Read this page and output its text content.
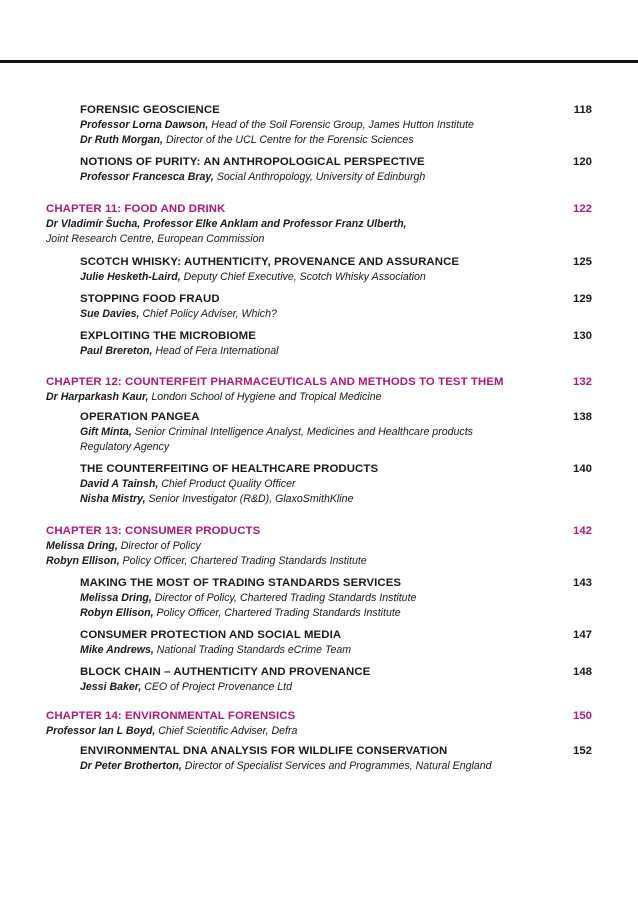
FORENSIC GEOSCIENCE	118
Professor Lorna Dawson, Head of the Soil Forensic Group, James Hutton Institute
Dr Ruth Morgan, Director of the UCL Centre for the Forensic Sciences
NOTIONS OF PURITY: AN ANTHROPOLOGICAL PERSPECTIVE	120
Professor Francesca Bray, Social Anthropology, University of Edinburgh
CHAPTER 11: FOOD AND DRINK	122
Dr Vladimír Šucha, Professor Elke Anklam and Professor Franz Ulberth,
Joint Research Centre, European Commission
SCOTCH WHISKY: AUTHENTICITY, PROVENANCE AND ASSURANCE	125
Julie Hesketh-Laird, Deputy Chief Executive, Scotch Whisky Association
STOPPING FOOD FRAUD	129
Sue Davies, Chief Policy Adviser, Which?
EXPLOITING THE MICROBIOME	130
Paul Brereton, Head of Fera International
CHAPTER 12: COUNTERFEIT PHARMACEUTICALS AND METHODS TO TEST THEM	132
Dr Harparkash Kaur, London School of Hygiene and Tropical Medicine
OPERATION PANGEA	138
Gift Minta, Senior Criminal Intelligence Analyst, Medicines and Healthcare products
Regulatory Agency
THE COUNTERFEITING OF HEALTHCARE PRODUCTS	140
David A Tainsh, Chief Product Quality Officer
Nisha Mistry, Senior Investigator (R&D), GlaxoSmithKline
CHAPTER 13: CONSUMER PRODUCTS	142
Melissa Dring, Director of Policy
Robyn Ellison, Policy Officer, Chartered Trading Standards Institute
MAKING THE MOST OF TRADING STANDARDS SERVICES	143
Melissa Dring, Director of Policy, Chartered Trading Standards Institute
Robyn Ellison, Policy Officer, Chartered Trading Standards Institute
CONSUMER PROTECTION AND SOCIAL MEDIA	147
Mike Andrews, National Trading Standards eCrime Team
BLOCK CHAIN – AUTHENTICITY AND PROVENANCE	148
Jessi Baker, CEO of Project Provenance Ltd
CHAPTER 14: ENVIRONMENTAL FORENSICS	150
Professor Ian L Boyd, Chief Scientific Adviser, Defra
ENVIRONMENTAL DNA ANALYSIS FOR WILDLIFE CONSERVATION	152
Dr Peter Brotherton, Director of Specialist Services and Programmes, Natural England
